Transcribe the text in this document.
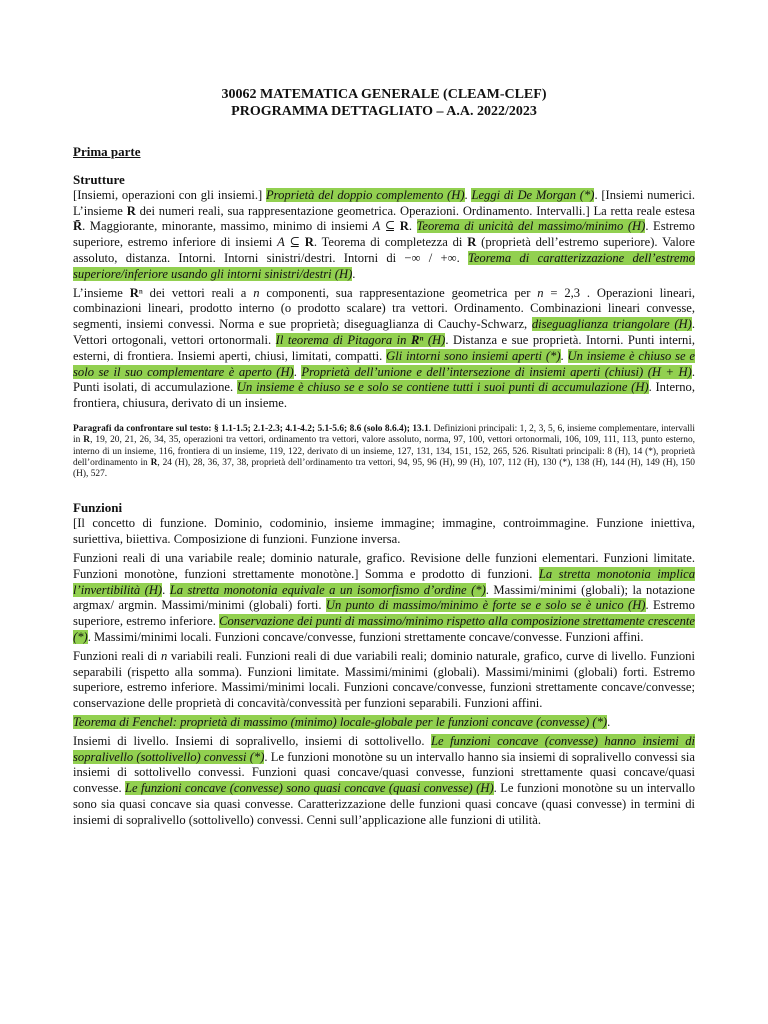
30062 MATEMATICA GENERALE (CLEAM-CLEF)
PROGRAMMA DETTAGLIATO – A.A. 2022/2023
Prima parte
Strutture

[Insiemi, operazioni con gli insiemi.] Proprietà del doppio complemento (H). Leggi di De Morgan (*). [Insiemi numerici. L’insieme R dei numeri reali, sua rappresentazione geometrica. Operazioni. Ordinamento. Intervalli.] La retta reale estesa R̄. Maggiorante, minorante, massimo, minimo di insiemi A ⊆ R. Teorema di unicità del massimo/minimo (H). Estremo superiore, estremo inferiore di insiemi A ⊆ R. Teorema di completezza di R (proprietà dell’estremo superiore). Valore assoluto, distanza. Intorni. Intorni sinistri/destri. Intorni di −∞ / +∞. Teorema di caratterizzazione dell’estremo superiore/inferiore usando gli intorni sinistri/destri (H).

L’insieme Rⁿ dei vettori reali a n componenti, sua rappresentazione geometrica per n = 2,3 . Operazioni lineari, combinazioni lineari, prodotto interno (o prodotto scalare) tra vettori. Ordinamento. Combinazioni lineari convesse, segmenti, insiemi convessi. Norma e sue proprietà; diseguaglianza di Cauchy-Schwarz, diseguaglianza triangolare (H). Vettori ortogonali, vettori ortonormali. Il teorema di Pitagora in Rⁿ (H). Distanza e sue proprietà. Intorni. Punti interni, esterni, di frontiera. Insiemi aperti, chiusi, limitati, compatti. Gli intorni sono insiemi aperti (*). Un insieme è chiuso se e solo se il suo complementare è aperto (H). Proprietà dell’unione e dell’intersezione di insiemi aperti (chiusi) (H + H). Punti isolati, di accumulazione. Un insieme è chiuso se e solo se contiene tutti i suoi punti di accumulazione (H). Interno, frontiera, chiusura, derivato di un insieme.

Paragrafi da confrontare sul testo: § 1.1-1.5; 2.1-2.3; 4.1-4.2; 5.1-5.6; 8.6 (solo 8.6.4); 13.1. Definizioni principali: 1, 2, 3, 5, 6, insieme complementare, intervalli in R, 19, 20, 21, 26, 34, 35, operazioni tra vettori, ordinamento tra vettori, valore assoluto, norma, 97, 100, vettori ortonormali, 106, 109, 111, 113, punto esterno, interno di un insieme, 116, frontiera di un insieme, 119, 122, derivato di un insieme, 127, 131, 134, 151, 152, 265, 526. Risultati principali: 8 (H), 14 (*), proprietà dell’ordinamento in R, 24 (H), 28, 36, 37, 38, proprietà dell’ordinamento tra vettori, 94, 95, 96 (H), 99 (H), 107, 112 (H), 130 (*), 138 (H), 144 (H), 149 (H), 150 (H), 527.

Funzioni

[Il concetto di funzione. Dominio, codominio, insieme immagine; immagine, controimmagine. Funzione iniettiva, suriettiva, biiettiva. Composizione di funzioni. Funzione inversa.

Funzioni reali di una variabile reale; dominio naturale, grafico. Revisione delle funzioni elementari. Funzioni limitate. Funzioni monotòne, funzioni strettamente monotòne.] Somma e prodotto di funzioni. La stretta monotonia implica l’invertibilità (H). La stretta monotonia equivale a un isomorfismo d’ordine (*). Massimi/minimi (globali); la notazione argmax/ argmin. Massimi/minimi (globali) forti. Un punto di massimo/minimo è forte se e solo se è unico (H). Estremo superiore, estremo inferiore. Conservazione dei punti di massimo/minimo rispetto alla composizione strettamente crescente (*). Massimi/minimi locali. Funzioni concave/convesse, funzioni strettamente concave/convesse. Funzioni affini.

Funzioni reali di n variabili reali. Funzioni reali di due variabili reali; dominio naturale, grafico, curve di livello. Funzioni separabili (rispetto alla somma). Funzioni limitate. Massimi/minimi (globali). Massimi/minimi (globali) forti. Estremo superiore, estremo inferiore. Massimi/minimi locali. Funzioni concave/convesse, funzioni strettamente concave/convesse; conservazione delle proprietà di concavità/convessità per funzioni separabili. Funzioni affini.

Teorema di Fenchel: proprietà di massimo (minimo) locale-globale per le funzioni concave (convesse) (*).

Insiemi di livello. Insiemi di sopralivello, insiemi di sottolivello. Le funzioni concave (convesse) hanno insiemi di sopralivello (sottolivello) convessi (*). Le funzioni monotòne su un intervallo hanno sia insiemi di sopralivello convessi sia insiemi di sottolivello convessi. Funzioni quasi concave/quasi convesse, funzioni strettamente quasi concave/quasi convesse. Le funzioni concave (convesse) sono quasi concave (quasi convesse) (H). Le funzioni monotòne su un intervallo sono sia quasi concave sia quasi convesse. Caratterizzazione delle funzioni quasi concave (quasi convesse) in termini di insiemi di sopralivello (sottolivello) convessi. Cenni sull’applicazione alle funzioni di utilità.
